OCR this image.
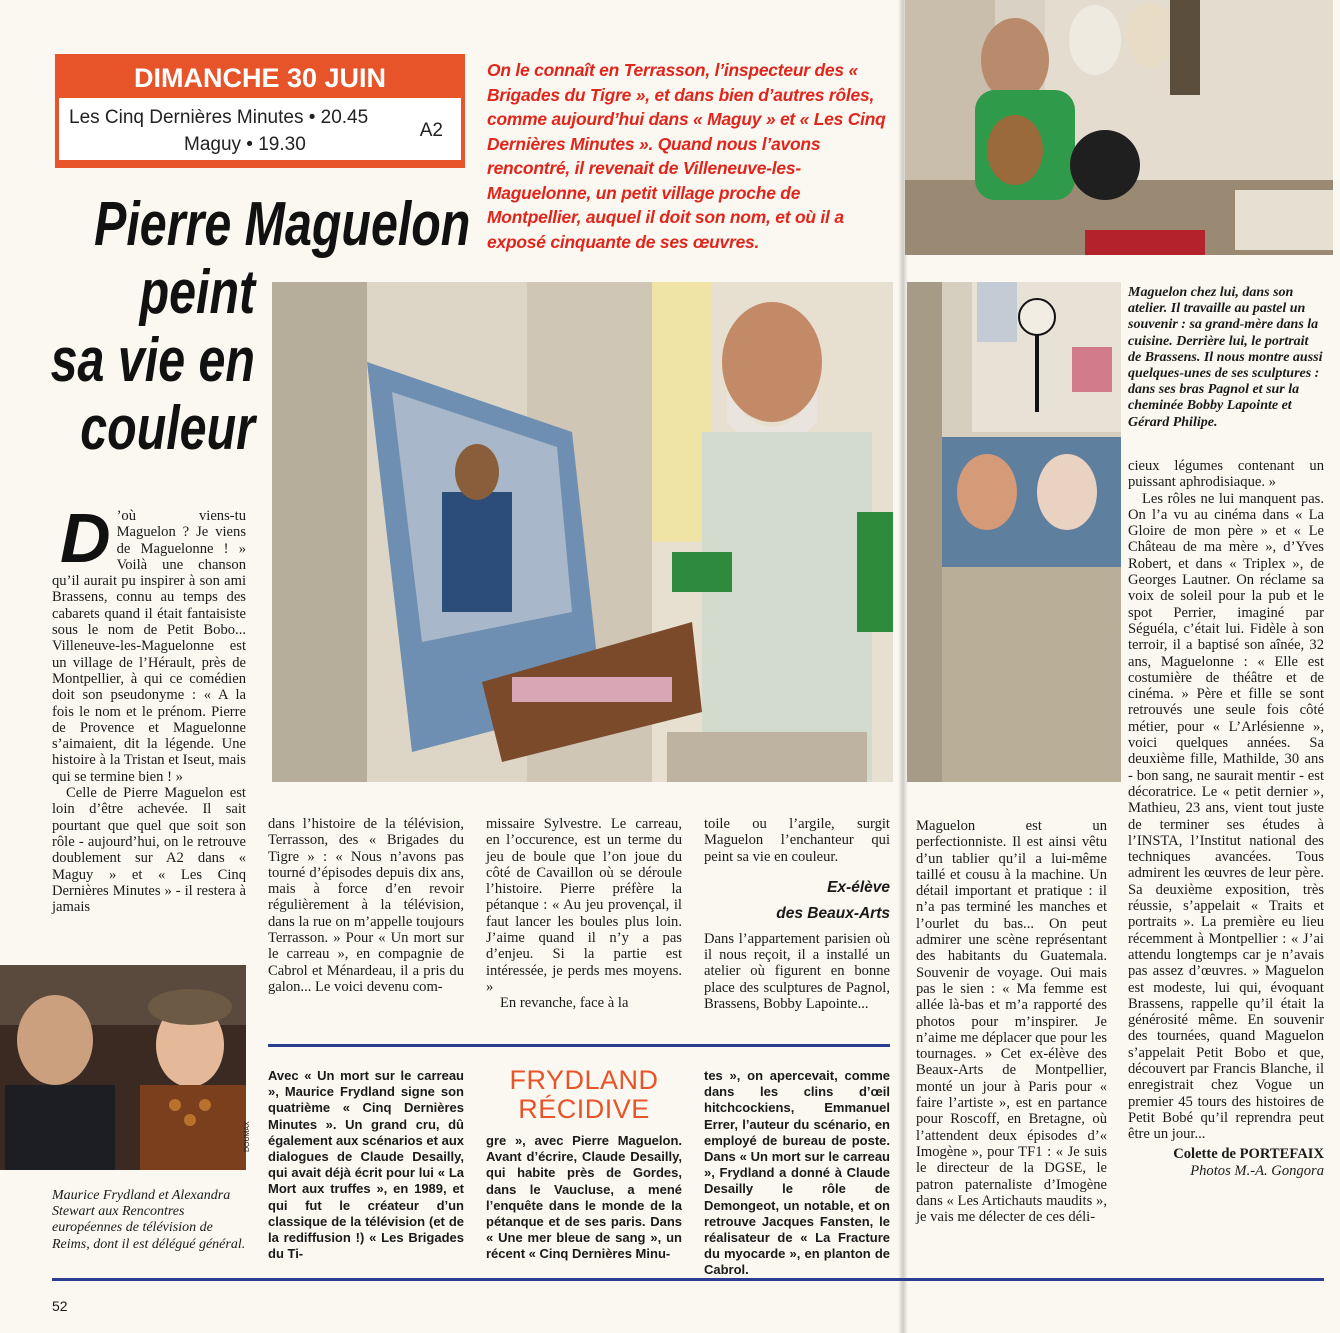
DIMANCHE 30 JUIN
Les Cinq Dernières Minutes • 20.45
Maguy • 19.30
A2
On le connaît en Terrasson, l’inspecteur des « Brigades du Tigre », et dans bien d’autres rôles, comme aujourd’hui dans « Maguy » et « Les Cinq Dernières Minutes ». Quand nous l’avons rencontré, il revenait de Villeneuve-les-Maguelonne, un petit village proche de Montpellier, auquel il doit son nom, et où il a exposé cinquante de ses œuvres.
Pierre Maguelon
peint
sa vie en
couleur
Maguelon chez lui, dans son atelier. Il travaille au pastel un souvenir : sa grand-mère dans la cuisine. Derrière lui, le portrait de Brassens. Il nous montre aussi quelques-unes de ses sculptures : dans ses bras Pagnol et sur la cheminée Bobby Lapointe et Gérard Philipe.

D ’où viens-tu Maguelon ? Je viens de Maguelonne ! » Voilà une chanson qu’il aurait pu inspirer à son ami Brassens, connu au temps des cabarets quand il était fantaisiste sous le nom de Petit Bobo... Villeneuve-les-Maguelonne est un village de l’Hérault, près de Montpellier, à qui ce comédien doit son pseudonyme : « A la fois le nom et le prénom. Pierre de Provence et Maguelonne s’aimaient, dit la légende. Une histoire à la Tristan et Iseut, mais qui se termine bien ! »

Celle de Pierre Maguelon est loin d’être achevée. Il sait pourtant que quel que soit son rôle - aujourd’hui, on le retrouve doublement sur A2 dans « Maguy » et « Les Cinq Dernières Minutes » - il restera à jamais

dans l’histoire de la télévision, Terrasson, des « Brigades du Tigre » : « Nous n’avons pas tourné d’épisodes depuis dix ans, mais à force d’en revoir régulièrement à la télévision, dans la rue on m’appelle toujours Terrasson. » Pour « Un mort sur le carreau », en compagnie de Cabrol et Ménardeau, il a pris du galon... Le voici devenu com-

missaire Sylvestre. Le carreau, en l’occurence, est un terme du jeu de boule que l’on joue du côté de Cavaillon où se déroule l’histoire. Pierre préfère la pétanque : « Au jeu provençal, il faut lancer les boules plus loin. J’aime quand il n’y a pas d’enjeu. Si la partie est intéressée, je perds mes moyens. »

En revanche, face à la

toile ou l’argile, surgit Maguelon l’enchanteur qui peint sa vie en couleur.

Ex-élève
des Beaux-Arts

Dans l’appartement parisien où il nous reçoit, il a installé un atelier où figurent en bonne place des sculptures de Pagnol, Brassens, Bobby Lapointe...

Maguelon est un perfectionniste. Il est ainsi vêtu d’un tablier qu’il a lui-même taillé et cousu à la machine. Un détail important et pratique : il n’a pas terminé les manches et l’ourlet du bas... On peut admirer une scène représentant des habitants du Guatemala. Souvenir de voyage. Oui mais pas le sien : « Ma femme est allée là-bas et m’a rapporté des photos pour m’inspirer. Je n’aime me déplacer que pour les tournages. » Cet ex-élève des Beaux-Arts de Montpellier, monté un jour à Paris pour « faire l’artiste », est en partance pour Roscoff, en Bretagne, où l’attendent deux épisodes d’« Imogène », pour TF1 : « Je suis le directeur de la DGSE, le patron paternaliste d’Imogène dans « Les Artichauts maudits », je vais me délecter de ces déli-

cieux légumes contenant un puissant aphrodisiaque. »

Les rôles ne lui manquent pas. On l’a vu au cinéma dans « La Gloire de mon père » et « Le Château de ma mère », d’Yves Robert, et dans « Triplex », de Georges Lautner. On réclame sa voix de soleil pour la pub et le spot Perrier, imaginé par Séguéla, c’était lui. Fidèle à son terroir, il a baptisé son aînée, 32 ans, Maguelonne : « Elle est costumière de théâtre et de cinéma. » Père et fille se sont retrouvés une seule fois côté métier, pour « L’Arlésienne », voici quelques années. Sa deuxième fille, Mathilde, 30 ans - bon sang, ne saurait mentir - est décoratrice. Le « petit dernier », Mathieu, 23 ans, vient tout juste de terminer ses études à l’INSTA, l’Institut national des techniques avancées. Tous admirent les œuvres de leur père. Sa deuxième exposition, très réussie, s’appelait « Traits et portraits ». La première eu lieu récemment à Montpellier : « J’ai attendu longtemps car je n’avais pas assez d’œuvres. » Maguelon est modeste, lui qui, évoquant Brassens, rappelle qu’il était la générosité même. En souvenir des tournées, quand Maguelon s’appelait Petit Bobo et que, découvert par Francis Blanche, il enregistrait chez Vogue un premier 45 tours des histoires de Petit Bobé qu’il reprendra peut être un jour...

Colette de PORTEFAIX
Photos M.-A. Gongora
DOUMAX
Maurice Frydland et Alexandra Stewart aux Rencontres européennes de télévision de Reims, dont il est délégué général.
Avec « Un mort sur le carreau », Maurice Frydland signe son quatrième « Cinq Dernières Minutes ». Un grand cru, dû également aux scénarios et aux dialogues de Claude Desailly, qui avait déjà écrit pour lui « La Mort aux truffes », en 1989, et qui fut le créateur d’un classique de la télévision (et de la rediffusion !) « Les Brigades du Ti-
FRYDLAND
RÉCIDIVE
gre », avec Pierre Maguelon. Avant d’écrire, Claude Desailly, qui habite près de Gordes, dans le Vaucluse, a mené l’enquête dans le monde de la pétanque et de ses paris. Dans « Une mer bleue de sang », un récent « Cinq Dernières Minu-
tes », on apercevait, comme dans les clins d’œil hitchcockiens, Emmanuel Errer, l’auteur du scénario, en employé de bureau de poste. Dans « Un mort sur le carreau », Frydland a donné à Claude Desailly le rôle de Demongeot, un notable, et on retrouve Jacques Fansten, le réalisateur de « La Fracture du myocarde », en planton de Cabrol.
52
